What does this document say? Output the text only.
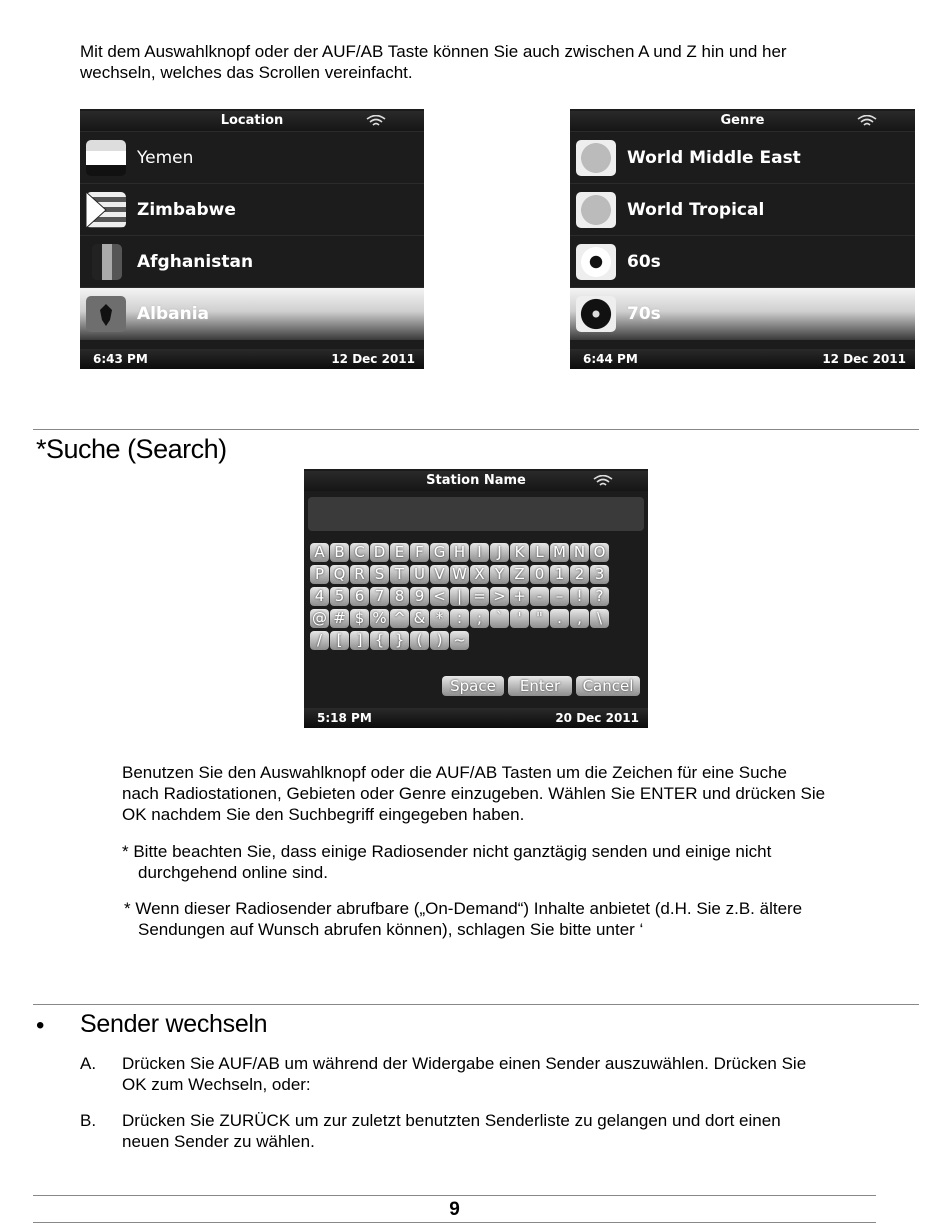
Mit dem Auswahlknopf oder der AUF/AB Taste können Sie auch zwischen A und Z hin und her
wechseln, welches das Scrollen vereinfacht.
Location
Yemen
Zimbabwe
Afghanistan
Albania
6:43 PM	12 Dec 2011
Genre
World Middle East
World Tropical
60s
70s
6:44 PM	12 Dec 2011
*Suche (Search)
Station Name
A B C D E F G H I J K L M N O
P Q R S T U V W X Y Z 0 1 2 3
4 5 6 7 8 9 < | = > + - – ! ?
@ # $ % ^ & * : ; ` ' " . , \
/ [ ] { } ( ) ~
Space	Enter	Cancel
5:18 PM	20 Dec 2011
Benutzen Sie den Auswahlknopf oder die AUF/AB Tasten um die Zeichen für eine Suche
nach Radiostationen, Gebieten oder Genre einzugeben. Wählen Sie ENTER und drücken Sie
OK nachdem Sie den Suchbegriff eingegeben haben.
* Bitte beachten Sie, dass einige Radiosender nicht ganztägig senden und einige nicht
durchgehend online sind.
* Wenn dieser Radiosender abrufbare („On-Demand“) Inhalte anbietet (d.H. Sie z.B. ältere
Sendungen auf Wunsch abrufen können), schlagen Sie bitte unter ‘
• Sender wechseln
A. Drücken Sie AUF/AB um während der Widergabe einen Sender auszuwählen. Drücken Sie
OK zum Wechseln, oder:
B. Drücken Sie ZURÜCK um zur zuletzt benutzten Senderliste zu gelangen und dort einen
neuen Sender zu wählen.
9
